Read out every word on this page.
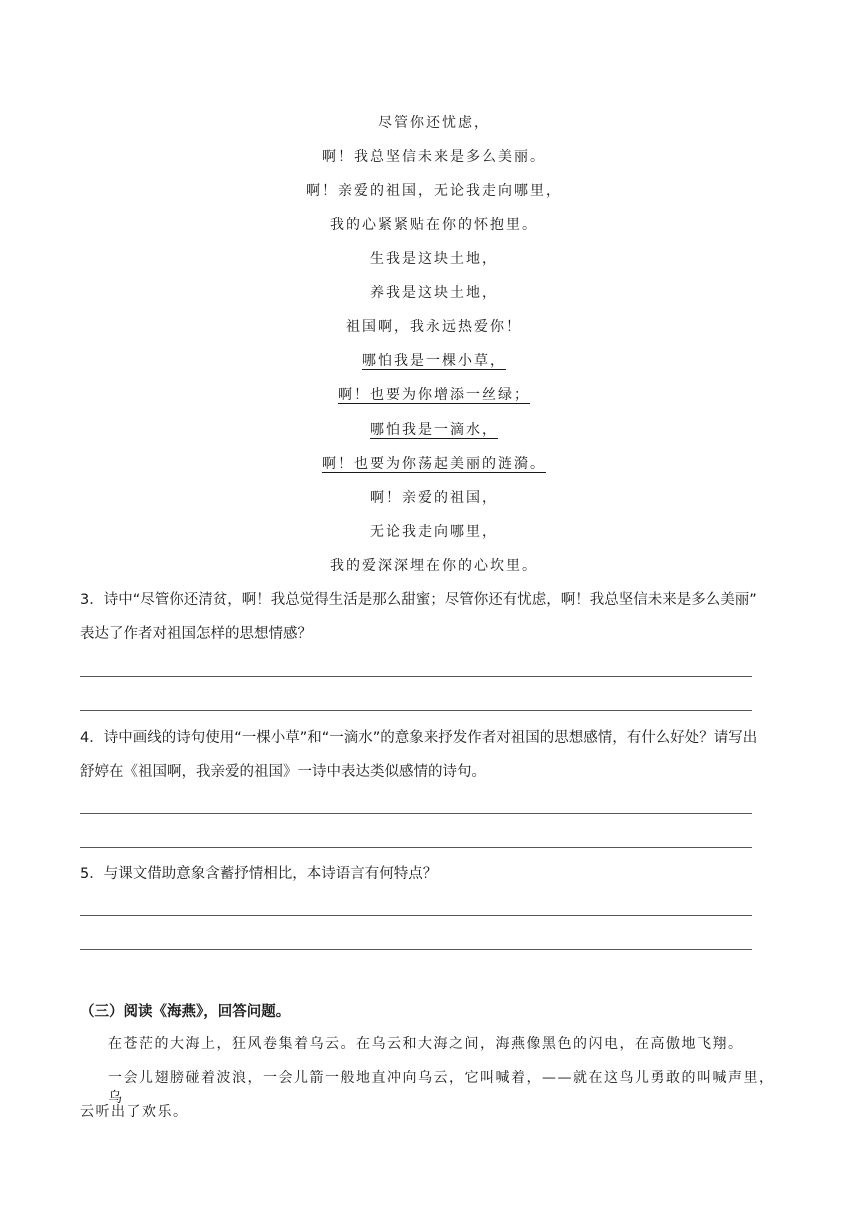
尽管你还忧虑，
啊！我总坚信未来是多么美丽。
啊！亲爱的祖国，无论我走向哪里，
我的心紧紧贴在你的怀抱里。
生我是这块土地，
养我是这块土地，
祖国啊，我永远热爱你！
哪怕我是一棵小草，
啊！也要为你增添一丝绿；
哪怕我是一滴水，
啊！也要为你荡起美丽的涟漪。
啊！亲爱的祖国，
无论我走向哪里，
我的爱深深埋在你的心坎里。
3．诗中“尽管你还清贫，啊！我总觉得生活是那么甜蜜；尽管你还有忧虑，啊！我总坚信未来是多么美丽”
表达了作者对祖国怎样的思想情感？
4．诗中画线的诗句使用“一棵小草”和“一滴水”的意象来抒发作者对祖国的思想感情，有什么好处？请写出
舒婷在《祖国啊，我亲爱的祖国》一诗中表达类似感情的诗句。
5．与课文借助意象含蓄抒情相比，本诗语言有何特点？
（三）阅读《海燕》，回答问题。
在苍茫的大海上，狂风卷集着乌云。在乌云和大海之间，海燕像黑色的闪电，在高傲地飞翔。
一会儿翅膀碰着波浪，一会儿箭一般地直冲向乌云，它叫喊着，——就在这鸟儿勇敢的叫喊声里，乌
云听出了欢乐。
